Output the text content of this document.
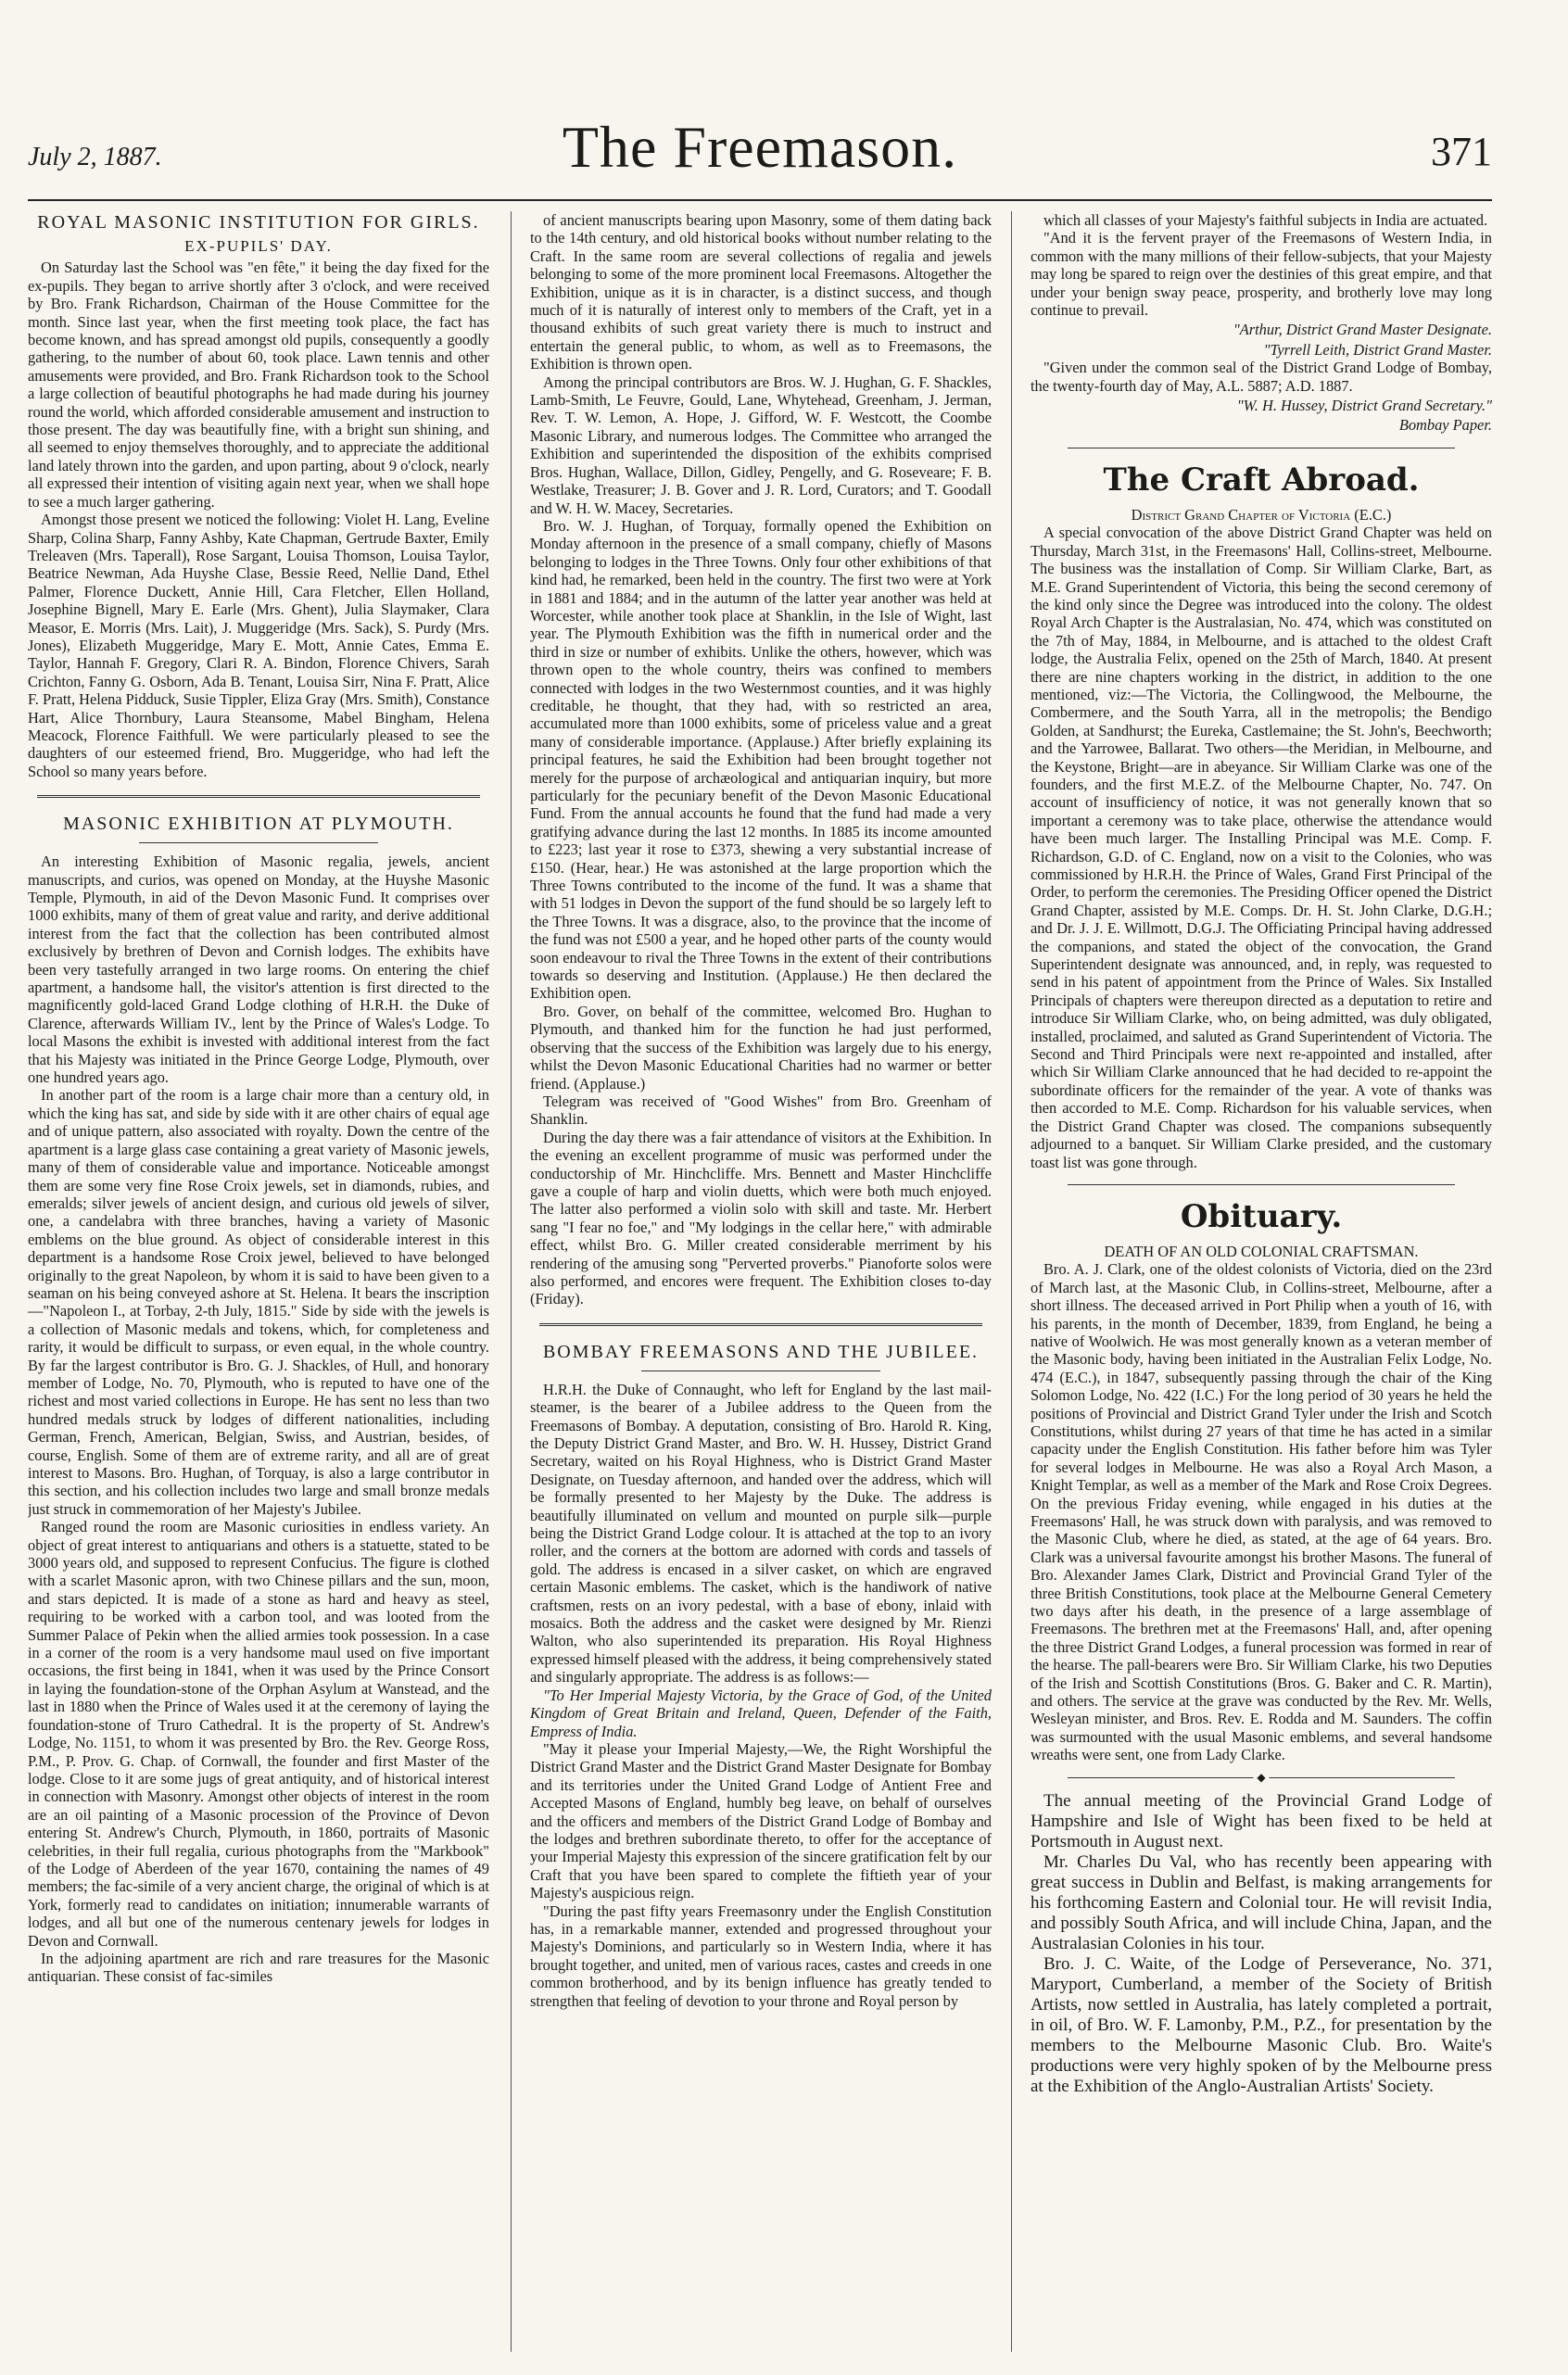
July 2, 1887.	The Freemason.	371
ROYAL MASONIC INSTITUTION FOR GIRLS.
EX-PUPILS' DAY.

On Saturday last the School was "en fête," it being the day fixed for the ex-pupils. They began to arrive shortly after 3 o'clock, and were received by Bro. Frank Richardson, Chairman of the House Committee for the month. Since last year, when the first meeting took place, the fact has become known, and has spread amongst old pupils, consequently a goodly gathering, to the number of about 60, took place. Lawn tennis and other amusements were provided, and Bro. Frank Richardson took to the School a large collection of beautiful photographs he had made during his journey round the world, which afforded considerable amusement and instruction to those present. The day was beautifully fine, with a bright sun shining, and all seemed to enjoy themselves thoroughly, and to appreciate the additional land lately thrown into the garden, and upon parting, about 9 o'clock, nearly all expressed their intention of visiting again next year, when we shall hope to see a much larger gathering.

Amongst those present we noticed the following: Violet H. Lang, Eveline Sharp, Colina Sharp, Fanny Ashby, Kate Chapman, Gertrude Baxter, Emily Treleaven (Mrs. Taperall), Rose Sargant, Louisa Thomson, Louisa Taylor, Beatrice Newman, Ada Huyshe Clase, Bessie Reed, Nellie Dand, Ethel Palmer, Florence Duckett, Annie Hill, Cara Fletcher, Ellen Holland, Josephine Bignell, Mary E. Earle (Mrs. Ghent), Julia Slaymaker, Clara Measor, E. Morris (Mrs. Lait), J. Muggeridge (Mrs. Sack), S. Purdy (Mrs. Jones), Elizabeth Muggeridge, Mary E. Mott, Annie Cates, Emma E. Taylor, Hannah F. Gregory, Clari R. A. Bindon, Florence Chivers, Sarah Crichton, Fanny G. Osborn, Ada B. Tenant, Louisa Sirr, Nina F. Pratt, Alice F. Pratt, Helena Pidduck, Susie Tippler, Eliza Gray (Mrs. Smith), Constance Hart, Alice Thornbury, Laura Steansome, Mabel Bingham, Helena Meacock, Florence Faithfull. We were particularly pleased to see the daughters of our esteemed friend, Bro. Muggeridge, who had left the School so many years before.

MASONIC EXHIBITION AT PLYMOUTH.

An interesting Exhibition of Masonic regalia, jewels, ancient manuscripts, and curios, was opened on Monday, at the Huyshe Masonic Temple, Plymouth, in aid of the Devon Masonic Fund. It comprises over 1000 exhibits, many of them of great value and rarity, and derive additional interest from the fact that the collection has been contributed almost exclusively by brethren of Devon and Cornish lodges. The exhibits have been very tastefully arranged in two large rooms. On entering the chief apartment, a handsome hall, the visitor's attention is first directed to the magnificently gold-laced Grand Lodge clothing of H.R.H. the Duke of Clarence, afterwards William IV., lent by the Prince of Wales's Lodge. To local Masons the exhibit is invested with additional interest from the fact that his Majesty was initiated in the Prince George Lodge, Plymouth, over one hundred years ago.

In another part of the room is a large chair more than a century old, in which the king has sat, and side by side with it are other chairs of equal age and of unique pattern, also associated with royalty. Down the centre of the apartment is a large glass case containing a great variety of Masonic jewels, many of them of considerable value and importance. Noticeable amongst them are some very fine Rose Croix jewels, set in diamonds, rubies, and emeralds; silver jewels of ancient design, and curious old jewels of silver, one, a candelabra with three branches, having a variety of Masonic emblems on the blue ground. As object of considerable interest in this department is a handsome Rose Croix jewel, believed to have belonged originally to the great Napoleon, by whom it is said to have been given to a seaman on his being conveyed ashore at St. Helena. It bears the inscription—"Napoleon I., at Torbay, 2-th July, 1815." Side by side with the jewels is a collection of Masonic medals and tokens, which, for completeness and rarity, it would be difficult to surpass, or even equal, in the whole country. By far the largest contributor is Bro. G. J. Shackles, of Hull, and honorary member of Lodge, No. 70, Plymouth, who is reputed to have one of the richest and most varied collections in Europe. He has sent no less than two hundred medals struck by lodges of different nationalities, including German, French, American, Belgian, Swiss, and Austrian, besides, of course, English. Some of them are of extreme rarity, and all are of great interest to Masons. Bro. Hughan, of Torquay, is also a large contributor in this section, and his collection includes two large and small bronze medals just struck in commemoration of her Majesty's Jubilee.

Ranged round the room are Masonic curiosities in endless variety. An object of great interest to antiquarians and others is a statuette, stated to be 3000 years old, and supposed to represent Confucius. The figure is clothed with a scarlet Masonic apron, with two Chinese pillars and the sun, moon, and stars depicted. It is made of a stone as hard and heavy as steel, requiring to be worked with a carbon tool, and was looted from the Summer Palace of Pekin when the allied armies took possession. In a case in a corner of the room is a very handsome maul used on five important occasions, the first being in 1841, when it was used by the Prince Consort in laying the foundation-stone of the Orphan Asylum at Wanstead, and the last in 1880 when the Prince of Wales used it at the ceremony of laying the foundation-stone of Truro Cathedral. It is the property of St. Andrew's Lodge, No. 1151, to whom it was presented by Bro. the Rev. George Ross, P.M., P. Prov. G. Chap. of Cornwall, the founder and first Master of the lodge. Close to it are some jugs of great antiquity, and of historical interest in connection with Masonry. Amongst other objects of interest in the room are an oil painting of a Masonic procession of the Province of Devon entering St. Andrew's Church, Plymouth, in 1860, portraits of Masonic celebrities, in their full regalia, curious photographs from the "Markbook" of the Lodge of Aberdeen of the year 1670, containing the names of 49 members; the fac-simile of a very ancient charge, the original of which is at York, formerly read to candidates on initiation; innumerable warrants of lodges, and all but one of the numerous centenary jewels for lodges in Devon and Cornwall.

In the adjoining apartment are rich and rare treasures for the Masonic antiquarian. These consist of fac-similes

of ancient manuscripts bearing upon Masonry, some of them dating back to the 14th century, and old historical books without number relating to the Craft. In the same room are several collections of regalia and jewels belonging to some of the more prominent local Freemasons. Altogether the Exhibition, unique as it is in character, is a distinct success, and though much of it is naturally of interest only to members of the Craft, yet in a thousand exhibits of such great variety there is much to instruct and entertain the general public, to whom, as well as to Freemasons, the Exhibition is thrown open.

Among the principal contributors are Bros. W. J. Hughan, G. F. Shackles, Lamb-Smith, Le Feuvre, Gould, Lane, Whytehead, Greenham, J. Jerman, Rev. T. W. Lemon, A. Hope, J. Gifford, W. F. Westcott, the Coombe Masonic Library, and numerous lodges. The Committee who arranged the Exhibition and superintended the disposition of the exhibits comprised Bros. Hughan, Wallace, Dillon, Gidley, Pengelly, and G. Roseveare; F. B. Westlake, Treasurer; J. B. Gover and J. R. Lord, Curators; and T. Goodall and W. H. W. Macey, Secretaries.

Bro. W. J. Hughan, of Torquay, formally opened the Exhibition on Monday afternoon in the presence of a small company, chiefly of Masons belonging to lodges in the Three Towns. Only four other exhibitions of that kind had, he remarked, been held in the country. The first two were at York in 1881 and 1884; and in the autumn of the latter year another was held at Worcester, while another took place at Shanklin, in the Isle of Wight, last year. The Plymouth Exhibition was the fifth in numerical order and the third in size or number of exhibits. Unlike the others, however, which was thrown open to the whole country, theirs was confined to members connected with lodges in the two Westernmost counties, and it was highly creditable, he thought, that they had, with so restricted an area, accumulated more than 1000 exhibits, some of priceless value and a great many of considerable importance. (Applause.) After briefly explaining its principal features, he said the Exhibition had been brought together not merely for the purpose of archæological and antiquarian inquiry, but more particularly for the pecuniary benefit of the Devon Masonic Educational Fund. From the annual accounts he found that the fund had made a very gratifying advance during the last 12 months. In 1885 its income amounted to £223; last year it rose to £373, shewing a very substantial increase of £150. (Hear, hear.) He was astonished at the large proportion which the Three Towns contributed to the income of the fund. It was a shame that with 51 lodges in Devon the support of the fund should be so largely left to the Three Towns. It was a disgrace, also, to the province that the income of the fund was not £500 a year, and he hoped other parts of the county would soon endeavour to rival the Three Towns in the extent of their contributions towards so deserving and Institution. (Applause.) He then declared the Exhibition open.

Bro. Gover, on behalf of the committee, welcomed Bro. Hughan to Plymouth, and thanked him for the function he had just performed, observing that the success of the Exhibition was largely due to his energy, whilst the Devon Masonic Educational Charities had no warmer or better friend. (Applause.)

Telegram was received of "Good Wishes" from Bro. Greenham of Shanklin.

During the day there was a fair attendance of visitors at the Exhibition. In the evening an excellent programme of music was performed under the conductorship of Mr. Hinchcliffe. Mrs. Bennett and Master Hinchcliffe gave a couple of harp and violin duetts, which were both much enjoyed. The latter also performed a violin solo with skill and taste. Mr. Herbert sang "I fear no foe," and "My lodgings in the cellar here," with admirable effect, whilst Bro. G. Miller created considerable merriment by his rendering of the amusing song "Perverted proverbs." Pianoforte solos were also performed, and encores were frequent. The Exhibition closes to-day (Friday).

BOMBAY FREEMASONS AND THE JUBILEE.

H.R.H. the Duke of Connaught, who left for England by the last mail-steamer, is the bearer of a Jubilee address to the Queen from the Freemasons of Bombay. A deputation, consisting of Bro. Harold R. King, the Deputy District Grand Master, and Bro. W. H. Hussey, District Grand Secretary, waited on his Royal Highness, who is District Grand Master Designate, on Tuesday afternoon, and handed over the address, which will be formally presented to her Majesty by the Duke. The address is beautifully illuminated on vellum and mounted on purple silk—purple being the District Grand Lodge colour. It is attached at the top to an ivory roller, and the corners at the bottom are adorned with cords and tassels of gold. The address is encased in a silver casket, on which are engraved certain Masonic emblems. The casket, which is the handiwork of native craftsmen, rests on an ivory pedestal, with a base of ebony, inlaid with mosaics. Both the address and the casket were designed by Mr. Rienzi Walton, who also superintended its preparation. His Royal Highness expressed himself pleased with the address, it being comprehensively stated and singularly appropriate. The address is as follows:—

"To Her Imperial Majesty Victoria, by the Grace of God, of the United Kingdom of Great Britain and Ireland, Queen, Defender of the Faith, Empress of India.

"May it please your Imperial Majesty,—We, the Right Worshipful the District Grand Master and the District Grand Master Designate for Bombay and its territories under the United Grand Lodge of Antient Free and Accepted Masons of England, humbly beg leave, on behalf of ourselves and the officers and members of the District Grand Lodge of Bombay and the lodges and brethren subordinate thereto, to offer for the acceptance of your Imperial Majesty this expression of the sincere gratification felt by our Craft that you have been spared to complete the fiftieth year of your Majesty's auspicious reign.

"During the past fifty years Freemasonry under the English Constitution has, in a remarkable manner, extended and progressed throughout your Majesty's Dominions, and particularly so in Western India, where it has brought together, and united, men of various races, castes and creeds in one common brotherhood, and by its benign influence has greatly tended to strengthen that feeling of devotion to your throne and Royal person by

which all classes of your Majesty's faithful subjects in India are actuated.

"And it is the fervent prayer of the Freemasons of Western India, in common with the many millions of their fellow-subjects, that your Majesty may long be spared to reign over the destinies of this great empire, and that under your benign sway peace, prosperity, and brotherly love may long continue to prevail.

"Arthur, District Grand Master Designate.

"Tyrrell Leith, District Grand Master.

"Given under the common seal of the District Grand Lodge of Bombay, the twenty-fourth day of May, A.L. 5887; A.D. 1887.

"W. H. Hussey, District Grand Secretary."

Bombay Paper.

The Craft Abroad.

District Grand Chapter of Victoria (E.C.)

A special convocation of the above District Grand Chapter was held on Thursday, March 31st, in the Freemasons' Hall, Collins-street, Melbourne. The business was the installation of Comp. Sir William Clarke, Bart, as M.E. Grand Superintendent of Victoria, this being the second ceremony of the kind only since the Degree was introduced into the colony. The oldest Royal Arch Chapter is the Australasian, No. 474, which was constituted on the 7th of May, 1884, in Melbourne, and is attached to the oldest Craft lodge, the Australia Felix, opened on the 25th of March, 1840. At present there are nine chapters working in the district, in addition to the one mentioned, viz:—The Victoria, the Collingwood, the Melbourne, the Combermere, and the South Yarra, all in the metropolis; the Bendigo Golden, at Sandhurst; the Eureka, Castlemaine; the St. John's, Beechworth; and the Yarrowee, Ballarat. Two others—the Meridian, in Melbourne, and the Keystone, Bright—are in abeyance. Sir William Clarke was one of the founders, and the first M.E.Z. of the Melbourne Chapter, No. 747. On account of insufficiency of notice, it was not generally known that so important a ceremony was to take place, otherwise the attendance would have been much larger. The Installing Principal was M.E. Comp. F. Richardson, G.D. of C. England, now on a visit to the Colonies, who was commissioned by H.R.H. the Prince of Wales, Grand First Principal of the Order, to perform the ceremonies. The Presiding Officer opened the District Grand Chapter, assisted by M.E. Comps. Dr. H. St. John Clarke, D.G.H.; and Dr. J. J. E. Willmott, D.G.J. The Officiating Principal having addressed the companions, and stated the object of the convocation, the Grand Superintendent designate was announced, and, in reply, was requested to send in his patent of appointment from the Prince of Wales. Six Installed Principals of chapters were thereupon directed as a deputation to retire and introduce Sir William Clarke, who, on being admitted, was duly obligated, installed, proclaimed, and saluted as Grand Superintendent of Victoria. The Second and Third Principals were next re-appointed and installed, after which Sir William Clarke announced that he had decided to re-appoint the subordinate officers for the remainder of the year. A vote of thanks was then accorded to M.E. Comp. Richardson for his valuable services, when the District Grand Chapter was closed. The companions subsequently adjourned to a banquet. Sir William Clarke presided, and the customary toast list was gone through.

Obituary.

DEATH OF AN OLD COLONIAL CRAFTSMAN.

Bro. A. J. Clark, one of the oldest colonists of Victoria, died on the 23rd of March last, at the Masonic Club, in Collins-street, Melbourne, after a short illness. The deceased arrived in Port Philip when a youth of 16, with his parents, in the month of December, 1839, from England, he being a native of Woolwich. He was most generally known as a veteran member of the Masonic body, having been initiated in the Australian Felix Lodge, No. 474 (E.C.), in 1847, subsequently passing through the chair of the King Solomon Lodge, No. 422 (I.C.) For the long period of 30 years he held the positions of Provincial and District Grand Tyler under the Irish and Scotch Constitutions, whilst during 27 years of that time he has acted in a similar capacity under the English Constitution. His father before him was Tyler for several lodges in Melbourne. He was also a Royal Arch Mason, a Knight Templar, as well as a member of the Mark and Rose Croix Degrees. On the previous Friday evening, while engaged in his duties at the Freemasons' Hall, he was struck down with paralysis, and was removed to the Masonic Club, where he died, as stated, at the age of 64 years. Bro. Clark was a universal favourite amongst his brother Masons. The funeral of Bro. Alexander James Clark, District and Provincial Grand Tyler of the three British Constitutions, took place at the Melbourne General Cemetery two days after his death, in the presence of a large assemblage of Freemasons. The brethren met at the Freemasons' Hall, and, after opening the three District Grand Lodges, a funeral procession was formed in rear of the hearse. The pall-bearers were Bro. Sir William Clarke, his two Deputies of the Irish and Scottish Constitutions (Bros. G. Baker and C. R. Martin), and others. The service at the grave was conducted by the Rev. Mr. Wells, Wesleyan minister, and Bros. Rev. E. Rodda and M. Saunders. The coffin was surmounted with the usual Masonic emblems, and several handsome wreaths were sent, one from Lady Clarke.

◆

The annual meeting of the Provincial Grand Lodge of Hampshire and Isle of Wight has been fixed to be held at Portsmouth in August next.

Mr. Charles Du Val, who has recently been appearing with great success in Dublin and Belfast, is making arrangements for his forthcoming Eastern and Colonial tour. He will revisit India, and possibly South Africa, and will include China, Japan, and the Australasian Colonies in his tour.

Bro. J. C. Waite, of the Lodge of Perseverance, No. 371, Maryport, Cumberland, a member of the Society of British Artists, now settled in Australia, has lately completed a portrait, in oil, of Bro. W. F. Lamonby, P.M., P.Z., for presentation by the members to the Melbourne Masonic Club. Bro. Waite's productions were very highly spoken of by the Melbourne press at the Exhibition of the Anglo-Australian Artists' Society.
